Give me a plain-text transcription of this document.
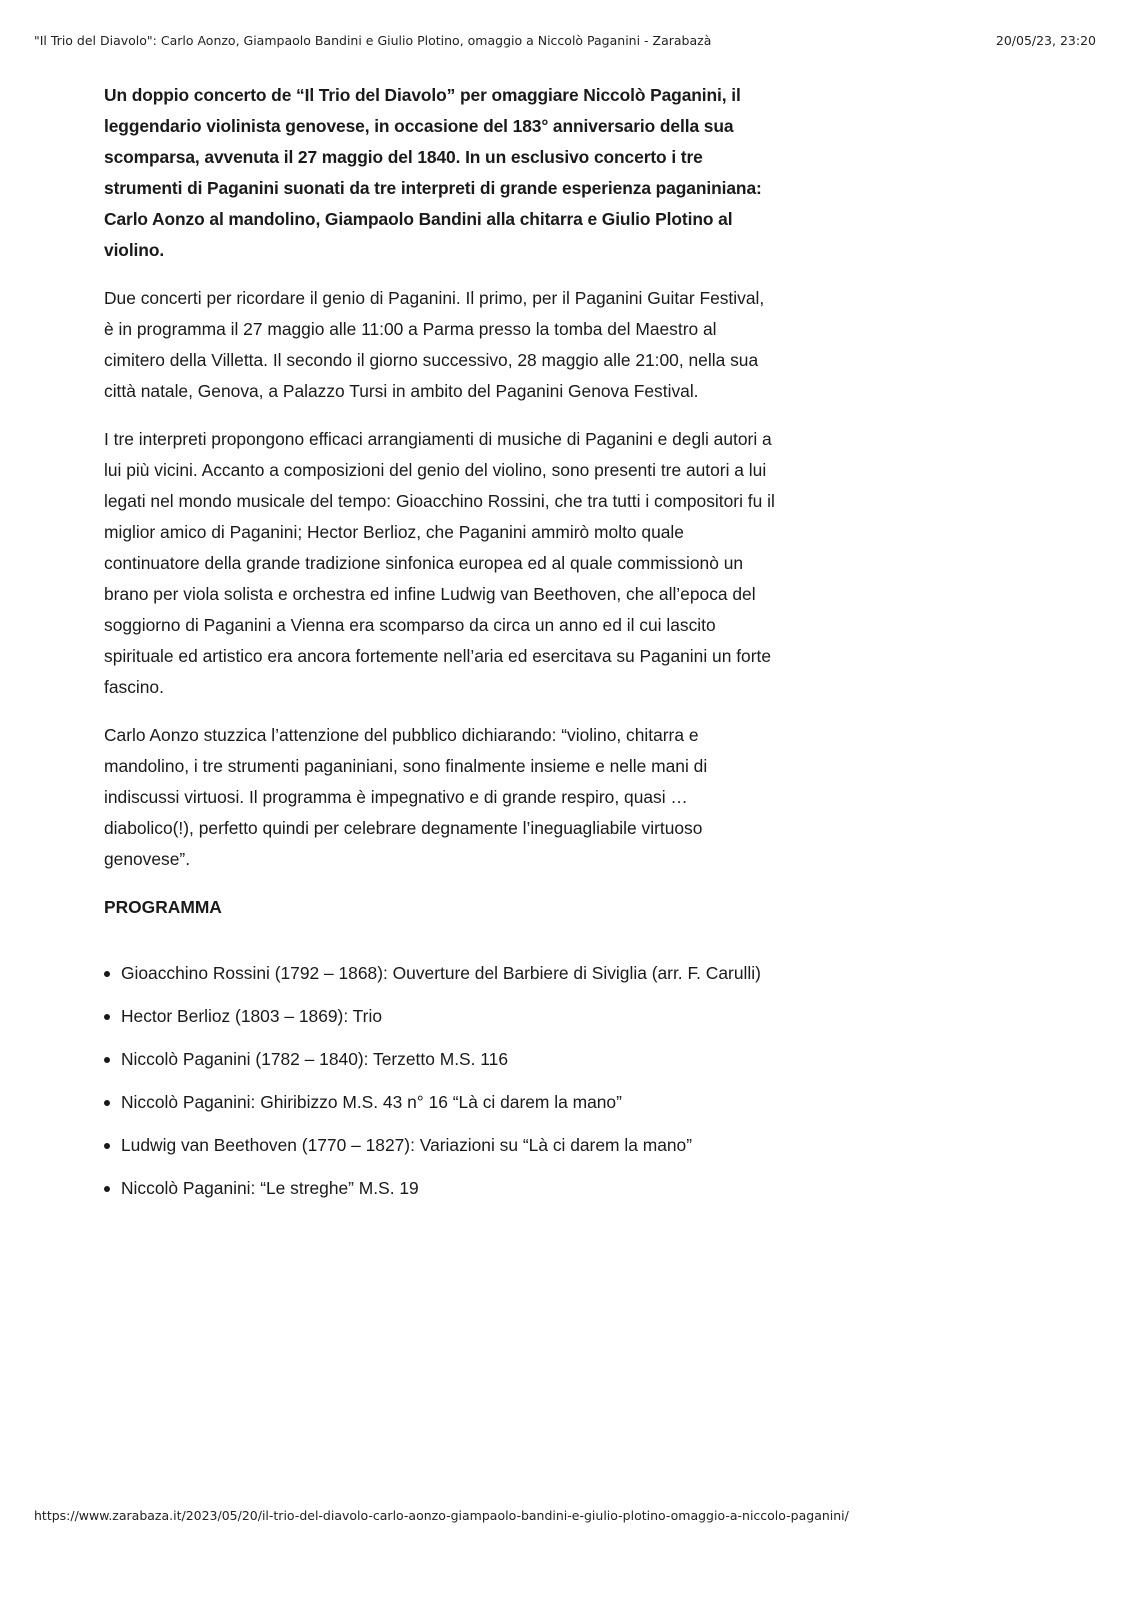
"Il Trio del Diavolo": Carlo Aonzo, Giampaolo Bandini e Giulio Plotino, omaggio a Niccolò Paganini - Zarabazà	20/05/23, 23:20

Un doppio concerto de “Il Trio del Diavolo” per omaggiare Niccolò Paganini, il leggendario violinista genovese, in occasione del 183° anniversario della sua scomparsa, avvenuta il 27 maggio del 1840. In un esclusivo concerto i tre strumenti di Paganini suonati da tre interpreti di grande esperienza paganiniana: Carlo Aonzo al mandolino, Giampaolo Bandini alla chitarra e Giulio Plotino al violino.

Due concerti per ricordare il genio di Paganini. Il primo, per il Paganini Guitar Festival, è in programma il 27 maggio alle 11:00 a Parma presso la tomba del Maestro al cimitero della Villetta. Il secondo il giorno successivo, 28 maggio alle 21:00, nella sua città natale, Genova, a Palazzo Tursi in ambito del Paganini Genova Festival.

I tre interpreti propongono efficaci arrangiamenti di musiche di Paganini e degli autori a lui più vicini. Accanto a composizioni del genio del violino, sono presenti tre autori a lui legati nel mondo musicale del tempo: Gioacchino Rossini, che tra tutti i compositori fu il miglior amico di Paganini; Hector Berlioz, che Paganini ammirò molto quale continuatore della grande tradizione sinfonica europea ed al quale commissionò un brano per viola solista e orchestra ed infine Ludwig van Beethoven, che all’epoca del soggiorno di Paganini a Vienna era scomparso da circa un anno ed il cui lascito spirituale ed artistico era ancora fortemente nell’aria ed esercitava su Paganini un forte fascino.

Carlo Aonzo stuzzica l’attenzione del pubblico dichiarando: “violino, chitarra e mandolino, i tre strumenti paganiniani, sono finalmente insieme e nelle mani di indiscussi virtuosi. Il programma è impegnativo e di grande respiro, quasi … diabolico(!), perfetto quindi per celebrare degnamente l’ineguagliabile virtuoso genovese”.

PROGRAMMA
Gioacchino Rossini (1792 – 1868): Ouverture del Barbiere di Siviglia (arr. F. Carulli)
Hector Berlioz (1803 – 1869): Trio
Niccolò Paganini (1782 – 1840): Terzetto M.S. 116
Niccolò Paganini: Ghiribizzo M.S. 43 n° 16 “Là ci darem la mano”
Ludwig van Beethoven (1770 – 1827): Variazioni su “Là ci darem la mano”
Niccolò Paganini: “Le streghe” M.S. 19
https://www.zarabaza.it/2023/05/20/il-trio-del-diavolo-carlo-aonzo-giampaolo-bandini-e-giulio-plotino-omaggio-a-niccolo-paganini/
